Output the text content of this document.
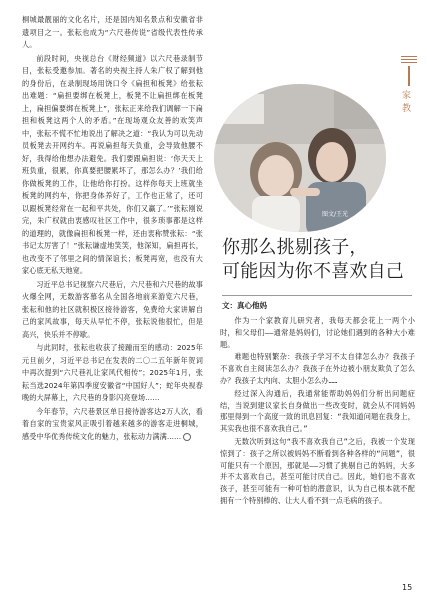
桐城最靓丽的文化名片，还是国内知名景点和安徽省非遗项目之一。张耘也成为“六尺巷传说”省级代表性传承人。

前段时间，央视总台《财经频道》以六尺巷录制节目，张耘受邀参加。著名的央视主持人朱广权了解到他的身份后，在录制现场用饶口令《扁担和板凳》给张耘出难题：“扁担要绑在板凳上，板凳不让扁担绑在板凳上，扁担偏要绑在板凳上”，张耘正来给我们调解一下扁担和板凳这两个人的矛盾。”在现场观众友善的欢笑声中，张耘不慌不忙地说出了解决之道：“我认为可以先动员板凳去开网约车。再说扁担每天负重，会导致他腰不好，我得给他想办法避免。我们要跟扁担说：‘你天天上班负重，很累，你真要把腰累坏了，那怎么办？’我们给你做板凳的工作，让他给你打扮。这样你每天上班就坐板凳的网约车，你把身体养好了，工作也正常了，还可以跟板凳经常在一起和平共处，你们又赢了。’”张耘刚说完，朱广权就由衷感叹社区工作中，很多琐事都是这样的道理的，就像扁担和板凳一样，还由衷称赞张耘：“张书记太厉害了！”张耘谦虚地笑笑，他深知，扁担再长，也改变不了邻里之间的情深谊长；板凳再宽，也没有大家心底无私天地宽。

习近平总书记视察六尺巷后，六尺巷和六尺巷的故事火爆全网，无数游客慕名从全国各地前来游览六尺巷，张耘和他的社区就积极区接待游客，免费给大家讲解自己的家风故事，每天从早忙不停，张耘说他很忙，但是高兴，快乐并不停歇。

与此同时，张耘也收获了接踵而至的感动：2025年元旦前夕，习近平总书记在发表的二〇二五年新年贺词中再次提到“六尺巷礼让家风代相传”；2025年1月，张耘当选2024年第四季度安徽省“中国好人”；蛇年央视春晚的大屏幕上，六尺巷的身影闪亮登场……

今年春节，六尺巷景区单日接待游客达2万人次，看着自家的宝贵家风正吸引着越来越多的游客走进桐城，感受中华优秀传统文化的魅力，张耘动力满满……

家教
图文/王光
你那么挑剔孩子，
可能因为你不喜欢自己
文：真心他妈

作为一个家教育儿研究者，我每天都会花上一两个小时，和父母们——通常是妈妈们，讨论她们遇到的各种大小难题。

难题也特别繁杂：我孩子学习不太自律怎么办？我孩子不喜欢自主阅读怎么办？我孩子在外边被小朋友欺负了怎么办？我孩子太内向、太胆小怎么办……

经过深入沟通后，我通常能帮助妈妈们分析出问题症结，当说到建议家长自身做出一些改变时，就会从不同妈妈那里得到一个高度一致的讯息回复：“我知道问题在我身上，其实我也很不喜欢我自己。”

无数次听到这句“我不喜欢我自己”之后，我被一个发现惊到了：孩子之所以被妈妈不断看到各种各样的“问题”，很可能只有一个原因，那就是——习惯了挑剔自己的妈妈，大多并不太喜欢自己，甚至可能讨厌自己。因此，她们也不喜欢孩子，甚至可能有一种可怕的潜意识，认为自己根本就不配拥有一个特别棒的、让大人看不到一点毛病的孩子。

15
